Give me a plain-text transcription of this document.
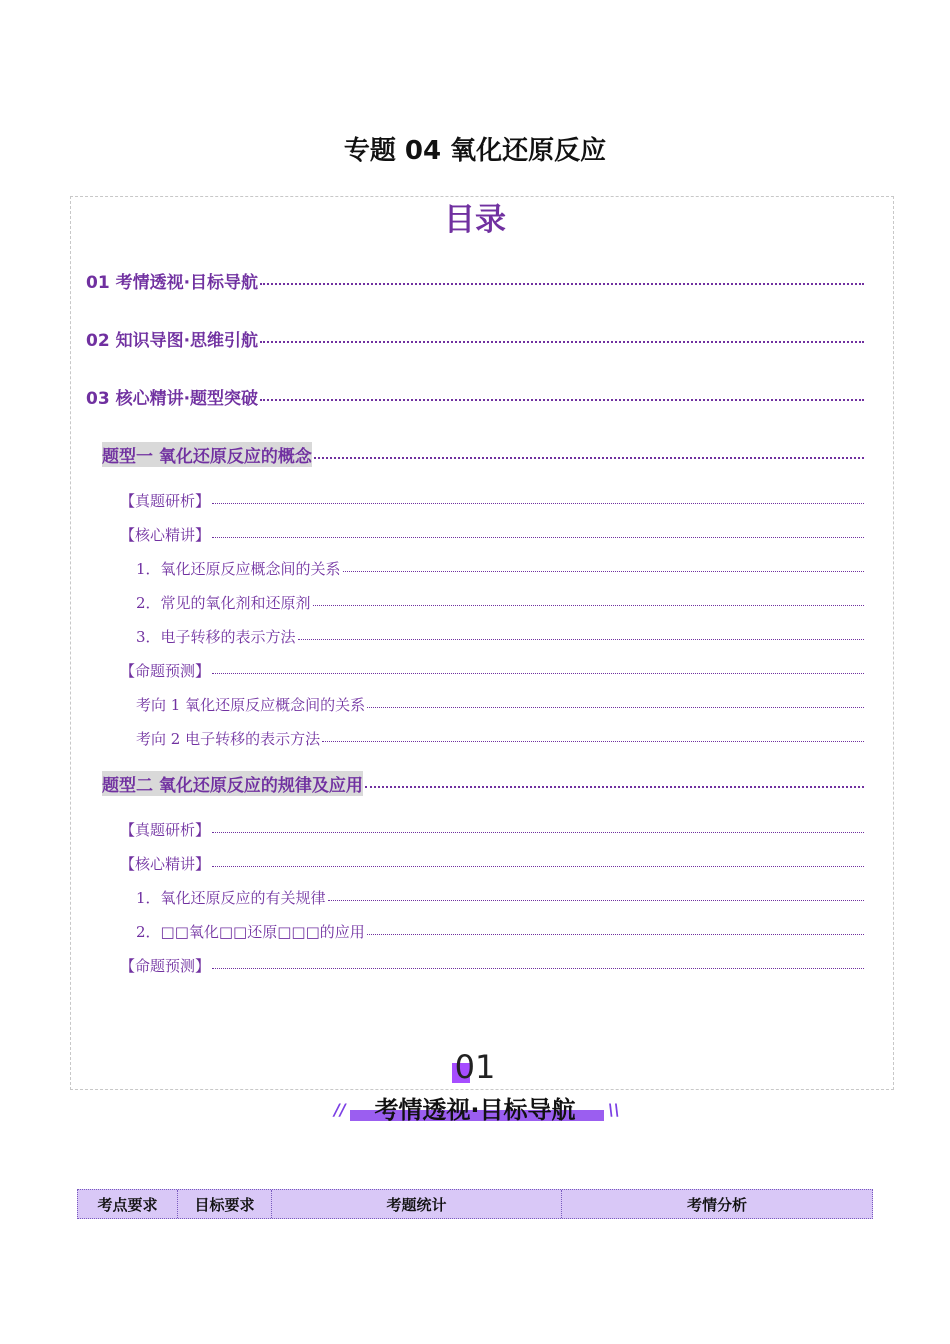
专题 04 氧化还原反应
目录
01 考情透视·目标导航
02 知识导图·思维引航
03 核心精讲·题型突破
题型一 氧化还原反应的概念
【真题研析】
【核心精讲】
1．氧化还原反应概念间的关系
2．常见的氧化剂和还原剂
3．电子转移的表示方法
【命题预测】
考向 1 氧化还原反应概念间的关系
考向 2 电子转移的表示方法
题型二 氧化还原反应的规律及应用
【真题研析】
【核心精讲】
1．氧化还原反应的有关规律
2．□□氧化□□还原□□□的应用
【命题预测】
01
考情透视·目标导航
//	\\
考点要求	目标要求	考题统计	考情分析
